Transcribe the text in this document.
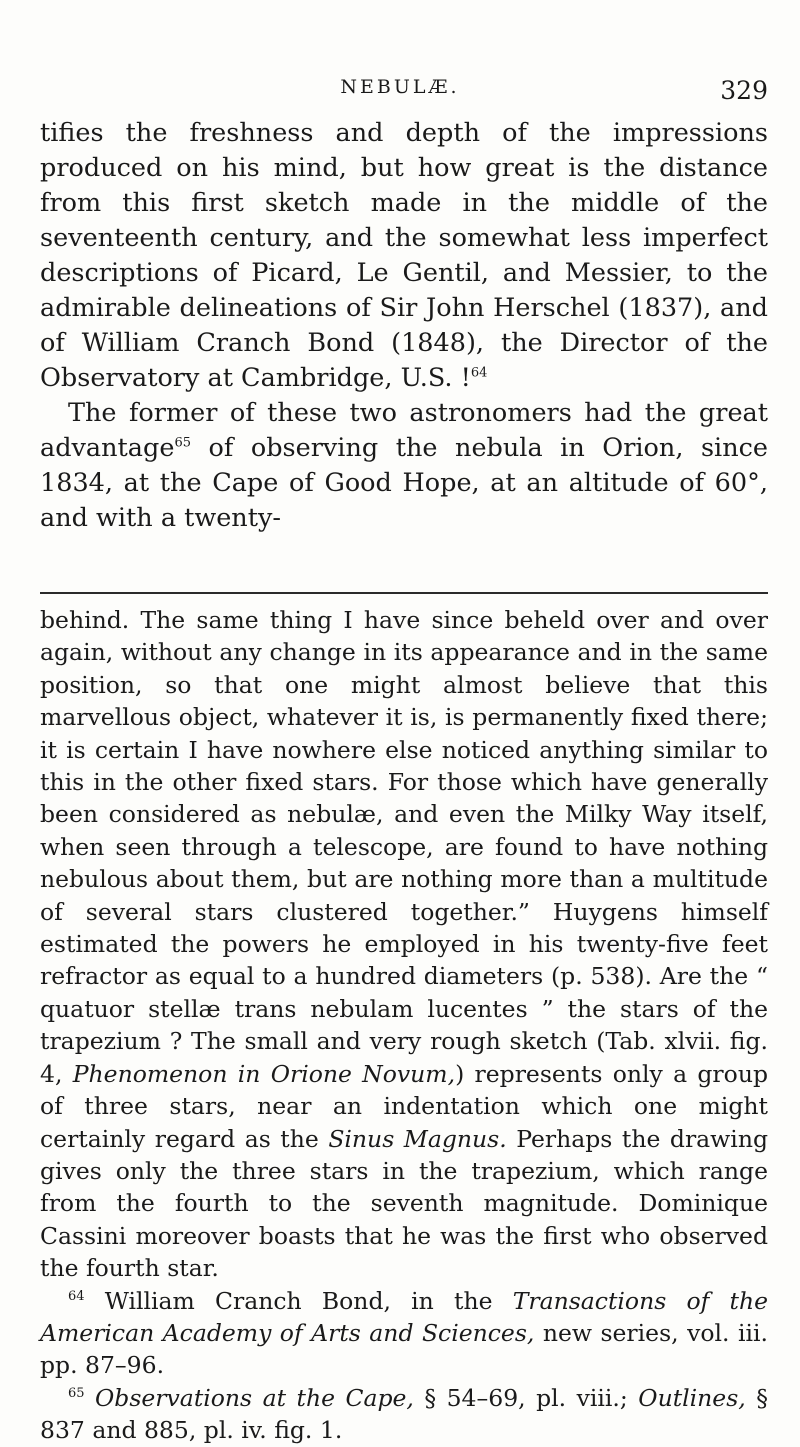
NEBULÆ.	329

tifies the freshness and depth of the impressions produced on his mind, but how great is the distance from this first sketch made in the middle of the seventeenth century, and the somewhat less imperfect descriptions of Picard, Le Gentil, and Messier, to the admirable delineations of Sir John Herschel (1837), and of William Cranch Bond (1848), the Director of the Observatory at Cambridge, U.S. !$^{64}$

The former of these two astronomers had the great advantage$^{65}$ of observing the nebula in Orion, since 1834, at the Cape of Good Hope, at an altitude of 60°, and with a twenty-

behind. The same thing I have since beheld over and over again, without any change in its appearance and in the same position, so that one might almost believe that this marvellous object, whatever it is, is permanently fixed there; it is certain I have nowhere else noticed anything similar to this in the other fixed stars. For those which have generally been considered as nebulæ, and even the Milky Way itself, when seen through a telescope, are found to have nothing nebulous about them, but are nothing more than a multitude of several stars clustered together.” Huygens himself estimated the powers he employed in his twenty-five feet refractor as equal to a hundred diameters (p. 538). Are the “ quatuor stellæ trans nebulam lucentes ” the stars of the trapezium ? The small and very rough sketch (Tab. xlvii. fig. 4, Phenomenon in Orione Novum,) represents only a group of three stars, near an indentation which one might certainly regard as the Sinus Magnus. Perhaps the drawing gives only the three stars in the trapezium, which range from the fourth to the seventh magnitude. Dominique Cassini moreover boasts that he was the first who observed the fourth star.

$^{64}$ William Cranch Bond, in the Transactions of the American Academy of Arts and Sciences, new series, vol. iii. pp. 87–96.

$^{65}$ Observations at the Cape, § 54–69, pl. viii.; Outlines, § 837 and 885, pl. iv. fig. 1.
